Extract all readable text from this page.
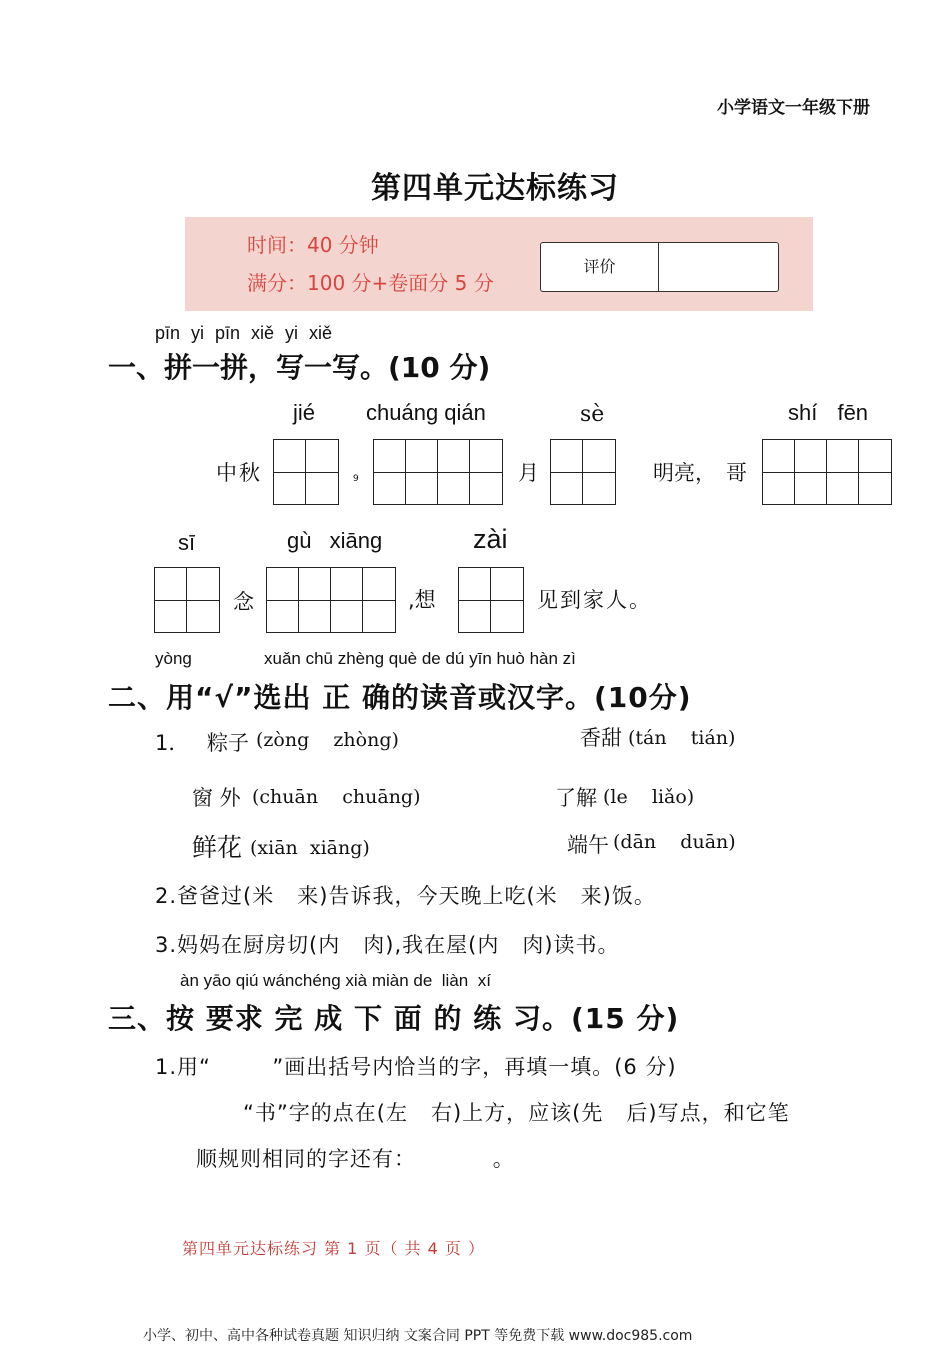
小学语文一年级下册
第四单元达标练习
时间：40 分钟
满分：100 分+卷面分 5 分
评价
pīn yi pīn xiě yi xiě
一、拼一拼，写一写。(10 分)
jié chuáng qián	sè	shí fēn
中秋	9	月	明亮， 哥
sī	gù xiāng	zài
念	,想	见到家人。
yòng	xuǎn chū zhèng què de dú yīn huò hàn zì
二、用“√”选出 正 确的读音或汉字。(10分)
1． 粽子 (zòng    zhòng)	香甜 (tán    tián)
窗 外 (chuān    chuāng)	了解 (le    liǎo)
鲜花 (xiān  xiāng)	端午 (dān    duān)
2.爸爸过(米   来)告诉我，今天晚上吃(米   来)饭。
3.妈妈在厨房切(内   肉),我在屋(内   肉)读书。
àn yāo qiú wánchéng xià miàn de  liàn  xí
三、按 要求 完 成 下 面 的 练 习。(15 分)
1.用“        ”画出括号内恰当的字，再填一填。(6 分)
“书”字的点在(左   右)上方，应该(先   后)写点，和它笔
顺规则相同的字还有：          。
第四单元达标练习 第 1 页（ 共 4 页 ）
小学、初中、高中各种试卷真题 知识归纳 文案合同 PPT 等免费下载 www.doc985.com
